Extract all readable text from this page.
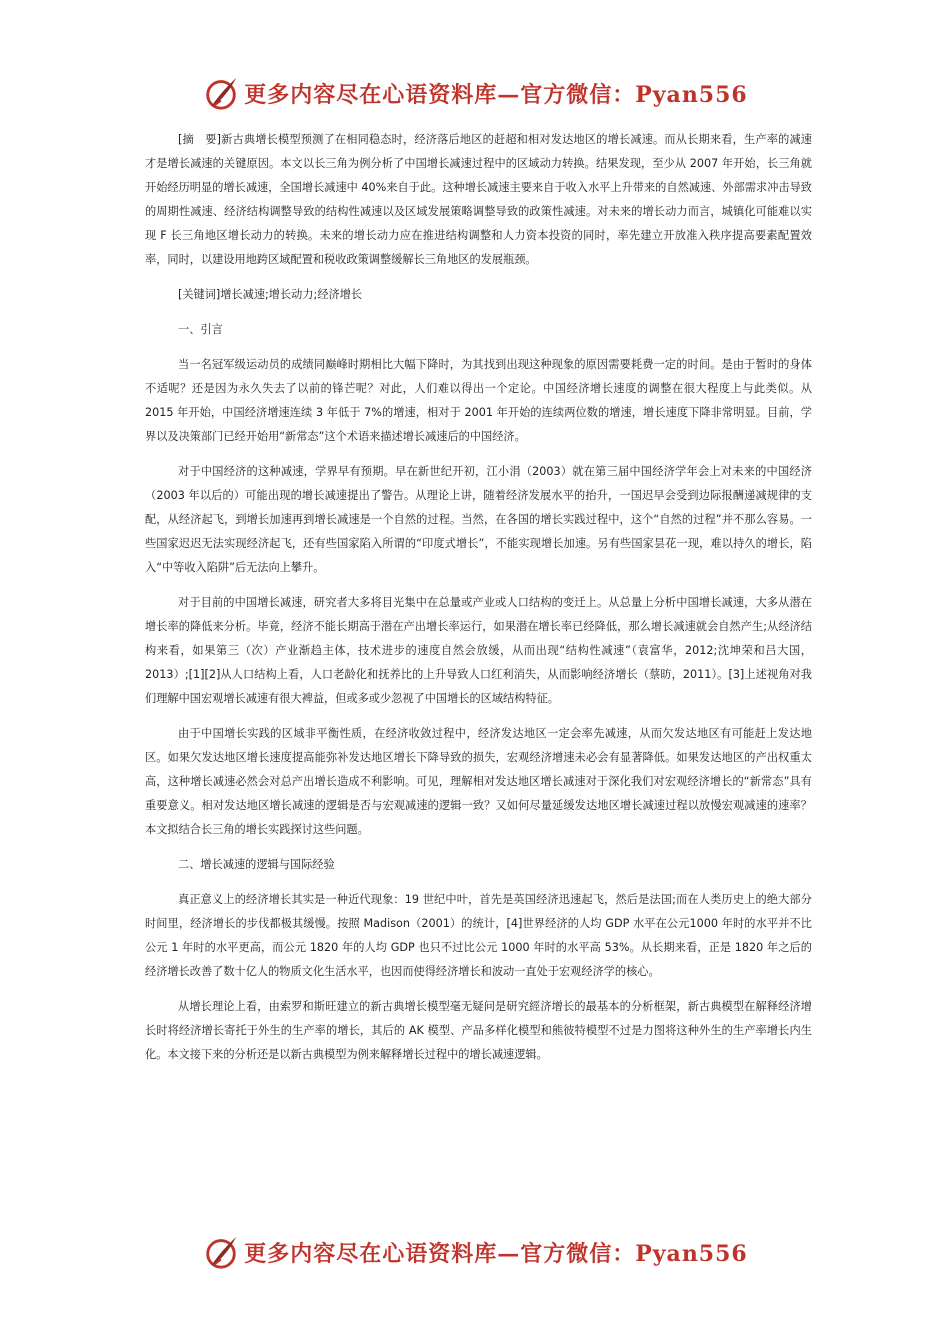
更多内容尽在心语资料库—官方微信：Pyan556

[摘　要]新古典增长模型预测了在相同稳态时，经济落后地区的赶超和相对发达地区的增长减速。而从长期来看，生产率的减速才是增长减速的关键原因。本文以长三角为例分析了中国增长减速过程中的区域动力转换。结果发现，至少从 2007 年开始，长三角就开始经历明显的增长减速，全国增长减速中 40%来自于此。这种增长减速主要来自于收入水平上升带来的自然减速、外部需求冲击导致的周期性减速、经济结构调整导致的结构性减速以及区域发展策略调整导致的政策性减速。对未来的增长动力而言，城镇化可能难以实现 F 长三角地区增长动力的转换。未来的增长动力应在推进结构调整和人力资本投资的同时，率先建立开放准入秩序提高要素配置效率，同时，以建设用地跨区域配置和税收政策调整缓解长三角地区的发展瓶颈。

[关键词]增长减速;增长动力;经济增长

一、引言

当一名冠军级运动员的成绩同巅峰时期相比大幅下降时，为其找到出现这种现象的原因需要耗费一定的时间。是由于暂时的身体不适呢？还是因为永久失去了以前的锋芒呢？对此，人们难以得出一个定论。中国经济增长速度的调整在很大程度上与此类似。从 2015 年开始，中国经济增速连续 3 年低于 7%的增速，相对于 2001 年开始的连续两位数的增速，增长速度下降非常明显。目前，学界以及决策部门已经开始用“新常态”这个术语来描述增长减速后的中国经济。

对于中国经济的这种减速，学界早有预期。早在新世纪开初，江小涓（2003）就在第三届中国经济学年会上对未来的中国经济（2003 年以后的）可能出现的增长减速提出了警告。从理论上讲，随着经济发展水平的抬升，一国迟早会受到边际报酬递减规律的支配，从经济起飞，到增长加速再到增长减速是一个自然的过程。当然，在各国的增长实践过程中，这个“自然的过程”并不那么容易。一些国家迟迟无法实现经济起飞，还有些国家陷入所谓的“印度式增长”，不能实现增长加速。另有些国家昙花一现，难以持久的增长，陷入“中等收入陷阱”后无法向上攀升。

对于目前的中国增长减速，研究者大多将目光集中在总量或产业或人口结构的变迁上。从总量上分析中国增长减速，大多从潜在增长率的降低来分析。毕竟，经济不能长期高于潜在产出增长率运行，如果潜在增长率已经降低，那么增长减速就会自然产生;从经济结构来看，如果第三（次）产业渐趋主体，技术进步的速度自然会放缓，从而出现“结构性减速”（袁富华，2012;沈坤荣和吕大国，2013）;[1][2]从人口结构上看，人口老龄化和抚养比的上升导致人口红利消失，从而影响经济增长（蔡昉，2011）。[3]上述视角对我们理解中国宏观增长减速有很大裨益，但或多或少忽视了中国增长的区域结构特征。

由于中国增长实践的区域非平衡性质，在经济收敛过程中，经济发达地区一定会率先减速，从而欠发达地区有可能赶上发达地区。如果欠发达地区增长速度提高能弥补发达地区增长下降导致的损失，宏观经济增速未必会有显著降低。如果发达地区的产出权重太高，这种增长减速必然会对总产出增长造成不利影响。可见，理解相对发达地区增长减速对于深化我们对宏观经济增长的“新常态”具有重要意义。相对发达地区增长减速的逻辑是否与宏观减速的逻辑一致？又如何尽量延缓发达地区增长减速过程以放慢宏观减速的速率？本文拟结合长三角的增长实践探讨这些问题。

二、增长减速的逻辑与国际经验

真正意义上的经济增长其实是一种近代现象：19 世纪中叶，首先是英国经济迅速起飞，然后是法国;而在人类历史上的绝大部分时间里，经济增长的步伐都极其缓慢。按照 Madison（2001）的统计，[4]世界经济的人均 GDP 水平在公元1000 年时的水平并不比公元 1 年时的水平更高，而公元 1820 年的人均 GDP 也只不过比公元 1000 年时的水平高 53%。从长期来看，正是 1820 年之后的经济增长改善了数十亿人的物质文化生活水平，也因而使得经济增长和波动一直处于宏观经济学的核心。

从增长理论上看，由索罗和斯旺建立的新古典增长模型毫无疑问是研究經济增长的最基本的分析框架，新古典模型在解释经济增长时将经济增长寄托于外生的生产率的增长，其后的 AK 模型、产品多样化模型和熊彼特模型不过是力图将这种外生的生产率增长内生化。本文接下来的分析还是以新古典模型为例来解释增长过程中的增长减速逻辑。

更多内容尽在心语资料库—官方微信：Pyan556
